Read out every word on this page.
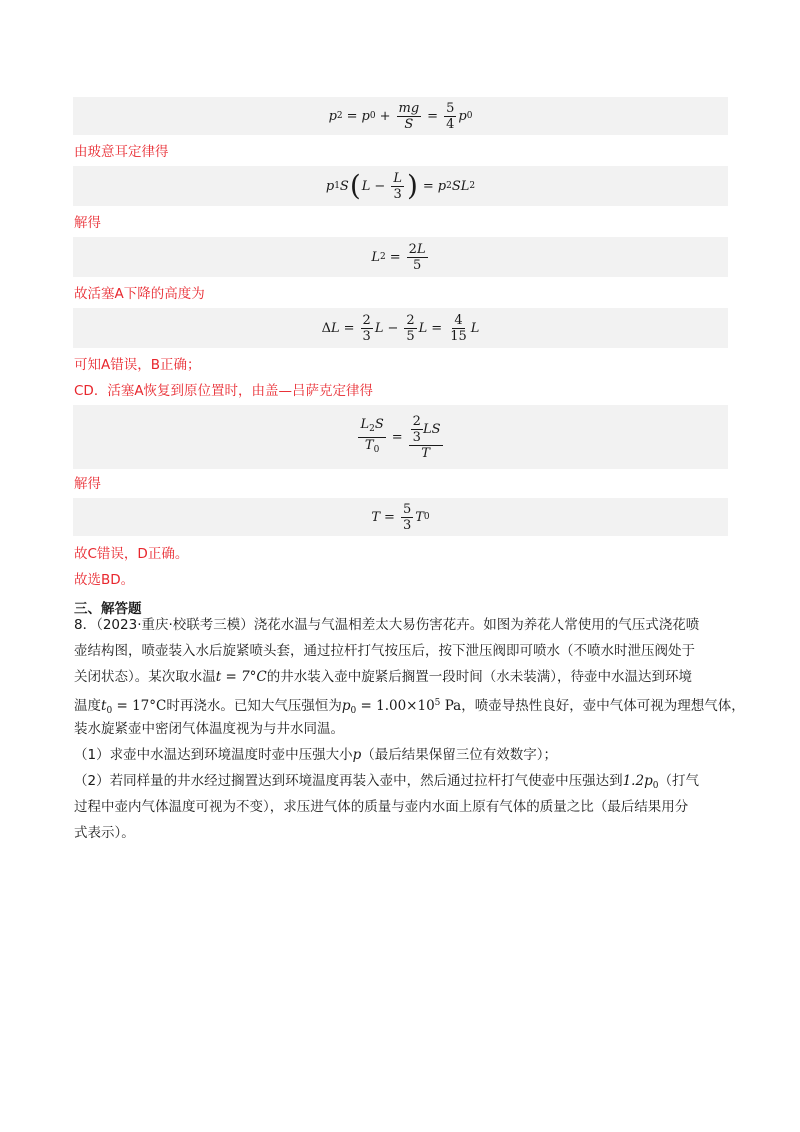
p 2 = p $0 + \frac{mg}{S} = \frac{5}{4}$ p 0
由玻意耳定律得
p 1 S ( $L - \frac{L}{3}$ ) = p 2 SL 2
解得
L $2 = \frac{2L}{5}$
故活塞A下降的高度为
Δ $L = \frac{2}{3}$ $L - \frac{2}{5}$ $L = \frac{4}{15}$ L
可知A错误，B正确；
CD．活塞A恢复到原位置时，由盖—吕萨克定律得
$\frac{L_2S}{T_0} = \frac{\frac{2}{3} LS}{T}$
解得
$T = \frac{5}{3}$ T 0
故C错误，D正确。
故选BD。
三、解答题
8．（2023·重庆·校联考三模）浇花水温与气温相差太大易伤害花卉。如图为养花人常使用的气压式浇花喷
壶结构图，喷壶装入水后旋紧喷头套，通过拉杆打气按压后，按下泄压阀即可喷水（不喷水时泄压阀处于
关闭状态）。某次取水温t = 7°C的井水装入壶中旋紧后搁置一段时间（水未装满），待壶中水温达到环境
温度$t_0 = 17^\circ C$时再浇水。已知大气压强恒为$p_0 = 1.00\times 10^5$ Pa，喷壶导热性良好，壶中气体可视为理想气体，
装水旋紧壶中密闭气体温度视为与井水同温。
（1）求壶中水温达到环境温度时壶中压强大小p（最后结果保留三位有效数字）；
（2）若同样量的井水经过搁置达到环境温度再装入壶中，然后通过拉杆打气使壶中压强达到$1.2p_0$（打气
过程中壶内气体温度可视为不变），求压进气体的质量与壶内水面上原有气体的质量之比（最后结果用分
式表示）。
